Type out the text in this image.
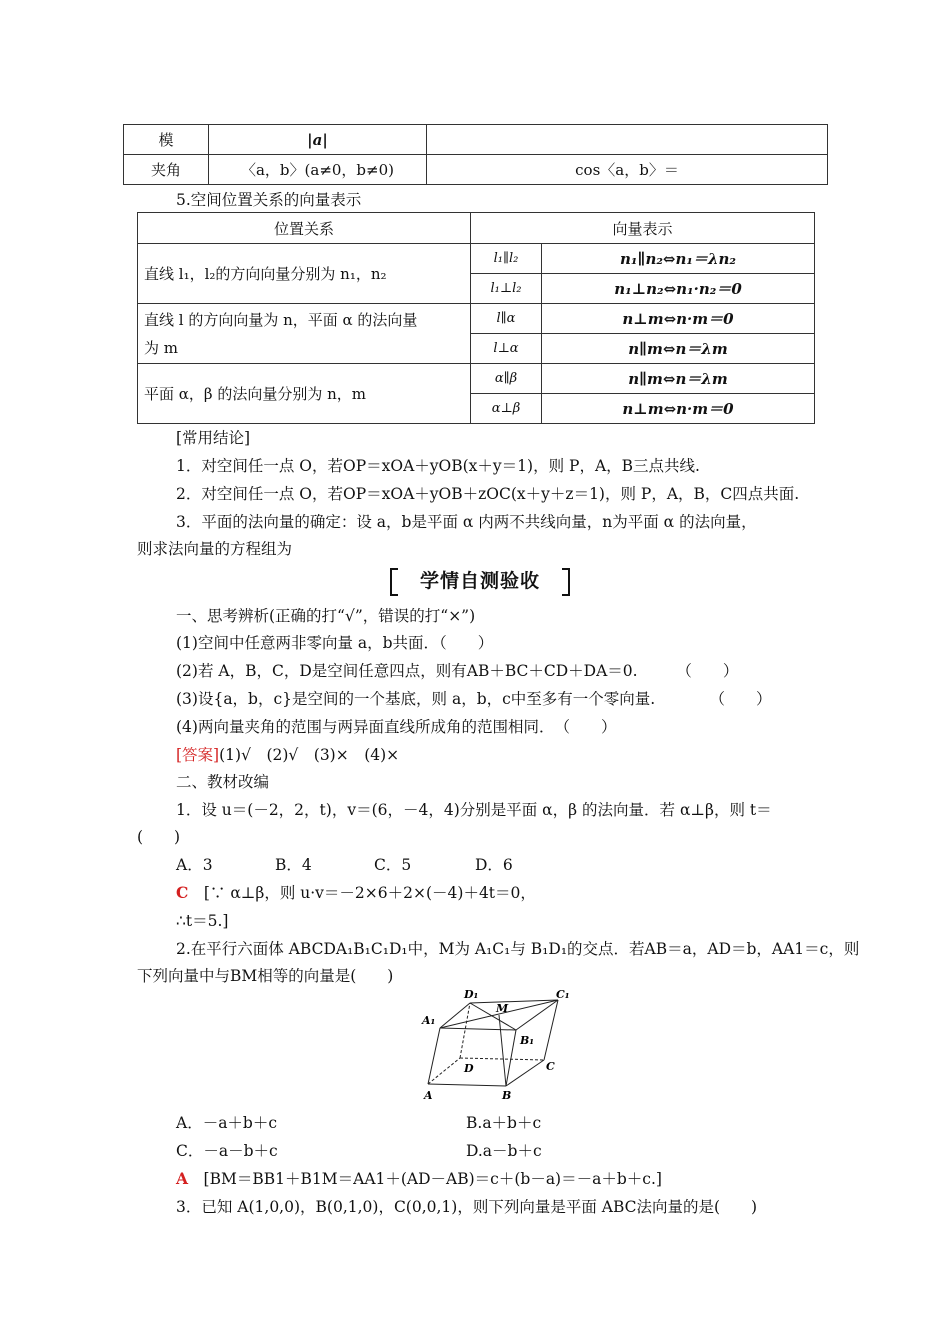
模	|a|	
夹角	〈a，b〉(a≠0，b≠0)	cos〈a，b〉＝
5.空间位置关系的向量表示
位置关系	向量表示	
直线 l₁，l₂的方向向量分别为 n₁，n₂	l₁∥l₂	n₁∥n₂⇔n₁＝λn₂
	l₁⊥l₂	n₁⊥n₂⇔n₁·n₂＝0

直线 l 的方向向量为 n，平面 α 的法向量
为 m	l∥α	n⊥m⇔n·m＝0
	l⊥α	n∥m⇔n＝λm
平面 α，β 的法向量分别为 n，m	α∥β	n∥m⇔n＝λm
	α⊥β	n⊥m⇔n·m＝0
[常用结论]
1．对空间任一点 O，若OP＝xOA＋yOB(x＋y＝1)，则 P，A，B三点共线.
2．对空间任一点 O，若OP＝xOA＋yOB＋zOC(x＋y＋z＝1)，则 P，A，B，C四点共面.
3．平面的法向量的确定：设 a，b是平面 α 内两不共线向量，n为平面 α 的法向量，
则求法向量的方程组为
学情自测验收
一、思考辨析(正确的打“√”，错误的打“×”)
(1)空间中任意两非零向量 a，b共面．（　　）
(2)若 A，B，C，D是空间任意四点，则有AB＋BC＋CD＋DA＝0.　　　（　　）
(3)设{a，b，c}是空间的一个基底，则 a，b，c中至多有一个零向量.　　　　（　　）
(4)两向量夹角的范围与两异面直线所成角的范围相同．　（　　）
[答案](1)√　(2)√　(3)×　(4)×
二、教材改编
1．设 u＝(－2，2，t)，v＝(6，－4，4)分别是平面 α，β 的法向量．若 α⊥β，则 t＝
(　　)
A．3	B．4	C．5	D．6
C　 [∵ α⊥β，则 u·v＝－2×6＋2×(－4)＋4t＝0，
∴t＝5.]
2.在平行六面体 ABCDA₁B₁C₁D₁中，M为 A₁C₁与 B₁D₁的交点．若AB＝a，AD＝b，AA1＝c，则
下列向量中与BM相等的向量是(　　)
D₁	C₁
M
A₁
B₁
D	C
A	B
A．－a＋b＋c	B.a＋b＋c
C．－a－b＋c	D.a－b＋c
A　 [BM＝BB1＋B1M＝AA1＋(AD－AB)＝c＋(b－a)＝－a＋b＋c.]
3．已知 A(1,0,0)，B(0,1,0)，C(0,0,1)，则下列向量是平面 ABC法向量的是(　　)
